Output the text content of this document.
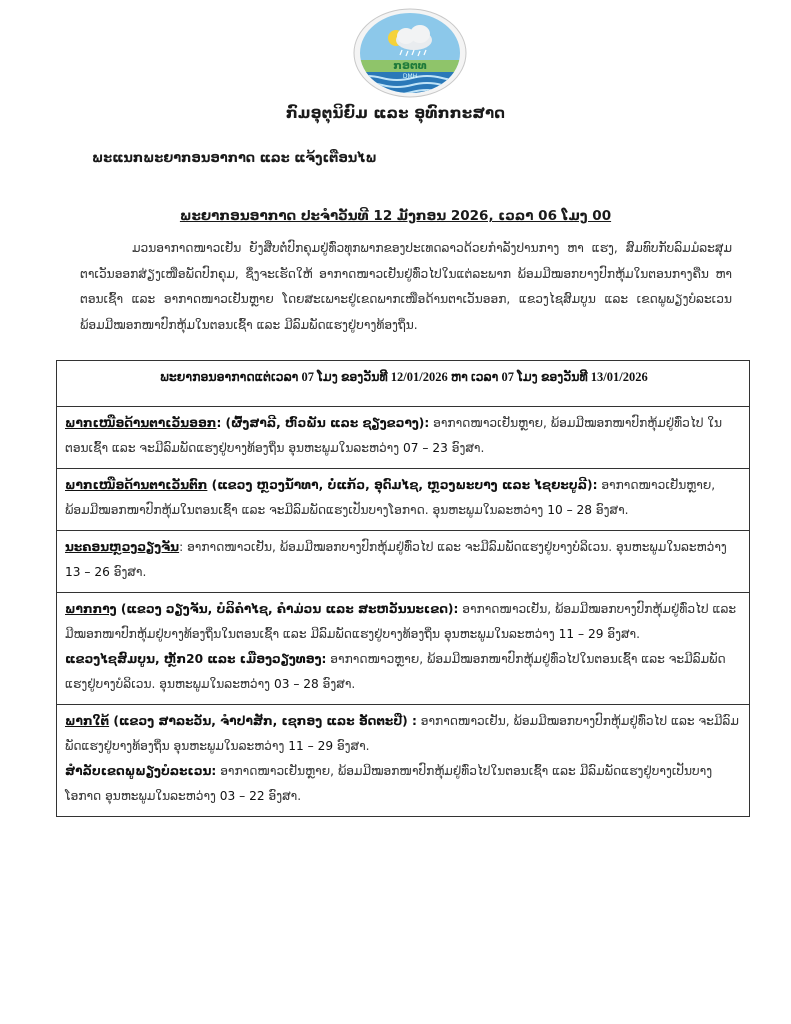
ກອຕທ
DMH
ກົມອຸຕຸນິຍົມ ແລະ ອຸທົກກະສາດ
ພະແນກພະຍາກອນອາກາດ ແລະ ແຈ້ງເຕືອນໄພ
ພະຍາກອນອາກາດ ປະຈຳວັນທີ 12 ມັງກອນ 2026, ເວລາ 06 ໂມງ 00
ມວນອາກາດໜາວເຢັນ ຍັງສືບຕໍ່ປົກຄຸມຢູ່ທົ່ວທຸກພາກຂອງປະເທດລາວດ້ວຍກຳລັງປານກາງ ຫາ ແຮງ, ສົມທົບກັບລົມມໍລະສຸມຕາເວັນອອກສ່ຽງເໜືອພັດປົກຄຸມ, ຊຶ່ງຈະເຮັດໃຫ້ ອາກາດໜາວເຢັນຢູ່ທົ່ວໄປໃນແຕ່ລະພາກ ພ້ອມມີໝອກບາງປົກຫຸ້ມໃນຕອນກາງຄືນ ຫາ ຕອນເຊົ້າ ແລະ ອາກາດໜາວເຢັນຫຼາຍ ໂດຍສະເພາະຢູ່ເຂດພາກເໜືອດ້ານຕາເວັນອອກ, ແຂວງໄຊສົມບູນ ແລະ ເຂດພູພຽງບໍລະເວນ ພ້ອມມີໝອກໜາປົກຫຸ້ມໃນຕອນເຊົ້າ ແລະ ມີລົມພັດແຮງຢູ່ບາງທ້ອງຖິ່ນ.
ພະຍາກອນອາກາດແຕ່ເວລາ 07 ໂມງ ຂອງວັນທີ 12/01/2026 ຫາ ເວລາ 07 ໂມງ ຂອງວັນທີ 13/01/2026
ພາກເໜືອດ້ານຕາເວັນອອກ: (ຜົ້ງສາລີ, ຫົວພັນ ແລະ ຊຽງຂວາງ): ອາກາດໜາວເຢັນຫຼາຍ, ພ້ອມມີໝອກໜາປົກຫຸ້ມຢູ່ທົ່ວໄປ ໃນຕອນເຊົ້າ ແລະ ຈະມີລົມພັດແຮງຢູ່ບາງທ້ອງຖິ່ນ ອຸນຫະພູມໃນລະຫວ່າງ 07 – 23 ອົງສາ.
ພາກເໜືອດ້ານຕາເວັນຕົກ (ແຂວງ ຫຼວງນ້ຳທາ, ບໍ່ແກ້ວ, ອຸດົມໄຊ, ຫຼວງພະບາງ ແລະ ໄຊຍະບູລີ): ອາກາດໜາວເຢັນຫຼາຍ, ພ້ອມມີໝອກໜາປົກຫຸ້ມໃນຕອນເຊົ້າ ແລະ ຈະມີລົມພັດແຮງເປັນບາງໂອກາດ. ອຸນຫະພູມໃນລະຫວ່າງ 10 – 28 ອົງສາ.
ນະຄອນຫຼວງວຽງຈັນ: ອາກາດໜາວເຢັນ, ພ້ອມມີໝອກບາງປົກຫຸ້ມຢູ່ທົ່ວໄປ ແລະ ຈະມີລົມພັດແຮງຢູ່ບາງບໍລິເວນ. ອຸນຫະພູມໃນລະຫວ່າງ 13 – 26 ອົງສາ.
ພາກກາງ (ແຂວງ ວຽງຈັນ, ບໍລິຄຳໄຊ, ຄຳມ່ວນ ແລະ ສະຫວັນນະເຂດ): ອາກາດໜາວເຢັນ, ພ້ອມມີໝອກບາງປົກຫຸ້ມຢູ່ທົ່ວໄປ ແລະ ມີໝອກໜາປົກຫຸ້ມຢູ່ບາງທ້ອງຖິ່ນໃນຕອນເຊົ້າ ແລະ ມີລົມພັດແຮງຢູ່ບາງທ້ອງຖິ່ນ ອຸນຫະພູມໃນລະຫວ່າງ 11 – 29 ອົງສາ.
ແຂວງໄຊສົມບູນ, ຫຼັກ20 ແລະ ເມືອງວຽງທອງ: ອາກາດໜາວຫຼາຍ, ພ້ອມມີໝອກໜາປົກຫຸ້ມຢູ່ທົ່ວໄປໃນຕອນເຊົ້າ ແລະ ຈະມີລົມພັດແຮງຢູ່ບາງບໍລິເວນ. ອຸນຫະພູມໃນລະຫວ່າງ 03 – 28 ອົງສາ.
ພາກໃຕ້ (ແຂວງ ສາລະວັນ, ຈຳປາສັກ, ເຊກອງ ແລະ ອັດຕະປື) : ອາກາດໜາວເຢັນ, ພ້ອມມີໝອກບາງປົກຫຸ້ມຢູ່ທົ່ວໄປ ແລະ ຈະມີລົມພັດແຮງຢູ່ບາງທ້ອງຖິ່ນ ອຸນຫະພູມໃນລະຫວ່າງ 11 – 29 ອົງສາ.
ສຳລັບເຂດພູພຽງບໍລະເວນ: ອາກາດໜາວເຢັນຫຼາຍ, ພ້ອມມີໝອກໜາປົກຫຸ້ມຢູ່ທົ່ວໄປໃນຕອນເຊົ້າ ແລະ ມີລົມພັດແຮງຢູ່ບາງເປັນບາງໂອກາດ ອຸນຫະພູມໃນລະຫວ່າງ 03 – 22 ອົງສາ.
